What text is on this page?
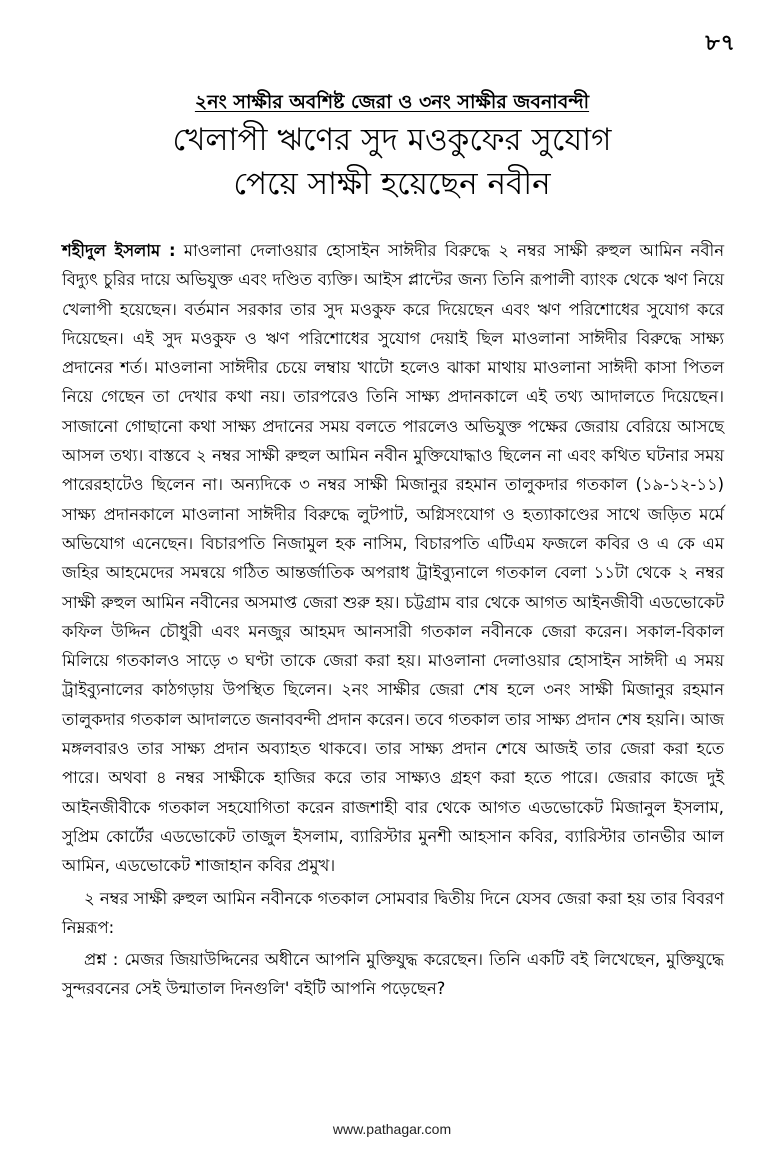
৮৭
২নং সাক্ষীর অবশিষ্ট জেরা ও ৩নং সাক্ষীর জবনাবন্দী
খেলাপী ঋণের সুদ মওকুফের সুযোগ
পেয়ে সাক্ষী হয়েছেন নবীন

শহীদুল ইসলাম : মাওলানা দেলাওয়ার হোসাইন সাঈদীর বিরুদ্ধে ২ নম্বর সাক্ষী রুহুল আমিন নবীন বিদ্যুৎ চুরির দায়ে অভিযুক্ত এবং দণ্ডিত ব্যক্তি। আইস প্লান্টের জন্য তিনি রূপালী ব্যাংক থেকে ঋণ নিয়ে খেলাপী হয়েছেন। বর্তমান সরকার তার সুদ মওকুফ করে দিয়েছেন এবং ঋণ পরিশোধের সুযোগ করে দিয়েছেন। এই সুদ মওকুফ ও ঋণ পরিশোধের সুযোগ দেয়াই ছিল মাওলানা সাঈদীর বিরুদ্ধে সাক্ষ্য প্রদানের শর্ত। মাওলানা সাঈদীর চেয়ে লম্বায় খাটো হলেও ঝাকা মাথায় মাওলানা সাঈদী কাসা পিতল নিয়ে গেছেন তা দেখার কথা নয়। তারপরেও তিনি সাক্ষ্য প্রদানকালে এই তথ্য আদালতে দিয়েছেন। সাজানো গোছানো কথা সাক্ষ্য প্রদানের সময় বলতে পারলেও অভিযুক্ত পক্ষের জেরায় বেরিয়ে আসছে আসল তথ্য। বাস্তবে ২ নম্বর সাক্ষী রুহুল আমিন নবীন মুক্তিযোদ্ধাও ছিলেন না এবং কথিত ঘটনার সময় পারেরহাটেও ছিলেন না। অন্যদিকে ৩ নম্বর সাক্ষী মিজানুর রহমান তালুকদার গতকাল (১৯-১২-১১) সাক্ষ্য প্রদানকালে মাওলানা সাঈদীর বিরুদ্ধে লুটপাট, অগ্নিসংযোগ ও হত্যাকাণ্ডের সাথে জড়িত মর্মে অভিযোগ এনেছেন। বিচারপতি নিজামুল হক নাসিম, বিচারপতি এটিএম ফজলে কবির ও এ কে এম জহির আহমেদের সমন্বয়ে গঠিত আন্তর্জাতিক অপরাধ ট্রাইব্যুনালে গতকাল বেলা ১১টা থেকে ২ নম্বর সাক্ষী রুহুল আমিন নবীনের অসমাপ্ত জেরা শুরু হয়। চট্টগ্রাম বার থেকে আগত আইনজীবী এডভোকেট কফিল উদ্দিন চৌধুরী এবং মনজুর আহমদ আনসারী গতকাল নবীনকে জেরা করেন। সকাল-বিকাল মিলিয়ে গতকালও সাড়ে ৩ ঘণ্টা তাকে জেরা করা হয়। মাওলানা দেলাওয়ার হোসাইন সাঈদী এ সময় ট্রাইব্যুনালের কাঠগড়ায় উপস্থিত ছিলেন। ২নং সাক্ষীর জেরা শেষ হলে ৩নং সাক্ষী মিজানুর রহমান তালুকদার গতকাল আদালতে জনাববন্দী প্রদান করেন। তবে গতকাল তার সাক্ষ্য প্রদান শেষ হয়নি। আজ মঙ্গলবারও তার সাক্ষ্য প্রদান অব্যাহত থাকবে। তার সাক্ষ্য প্রদান শেষে আজই তার জেরা করা হতে পারে। অথবা ৪ নম্বর সাক্ষীকে হাজির করে তার সাক্ষ্যও গ্রহণ করা হতে পারে। জেরার কাজে দুই আইনজীবীকে গতকাল সহযোগিতা করেন রাজশাহী বার থেকে আগত এডভোকেট মিজানুল ইসলাম, সুপ্রিম কোর্টের এডভোকেট তাজুল ইসলাম, ব্যারিস্টার মুনশী আহসান কবির, ব্যারিস্টার তানভীর আল আমিন, এডভোকেট শাজাহান কবির প্রমুখ।

২ নম্বর সাক্ষী রুহুল আমিন নবীনকে গতকাল সোমবার দ্বিতীয় দিনে যেসব জেরা করা হয় তার বিবরণ নিম্নরূপ:

প্রশ্ন : মেজর জিয়াউদ্দিনের অধীনে আপনি মুক্তিযুদ্ধ করেছেন। তিনি একটি বই লিখেছেন, মুক্তিযুদ্ধে সুন্দরবনের সেই উন্মাতাল দিনগুলি' বইটি আপনি পড়েছেন?

www.pathagar.com
